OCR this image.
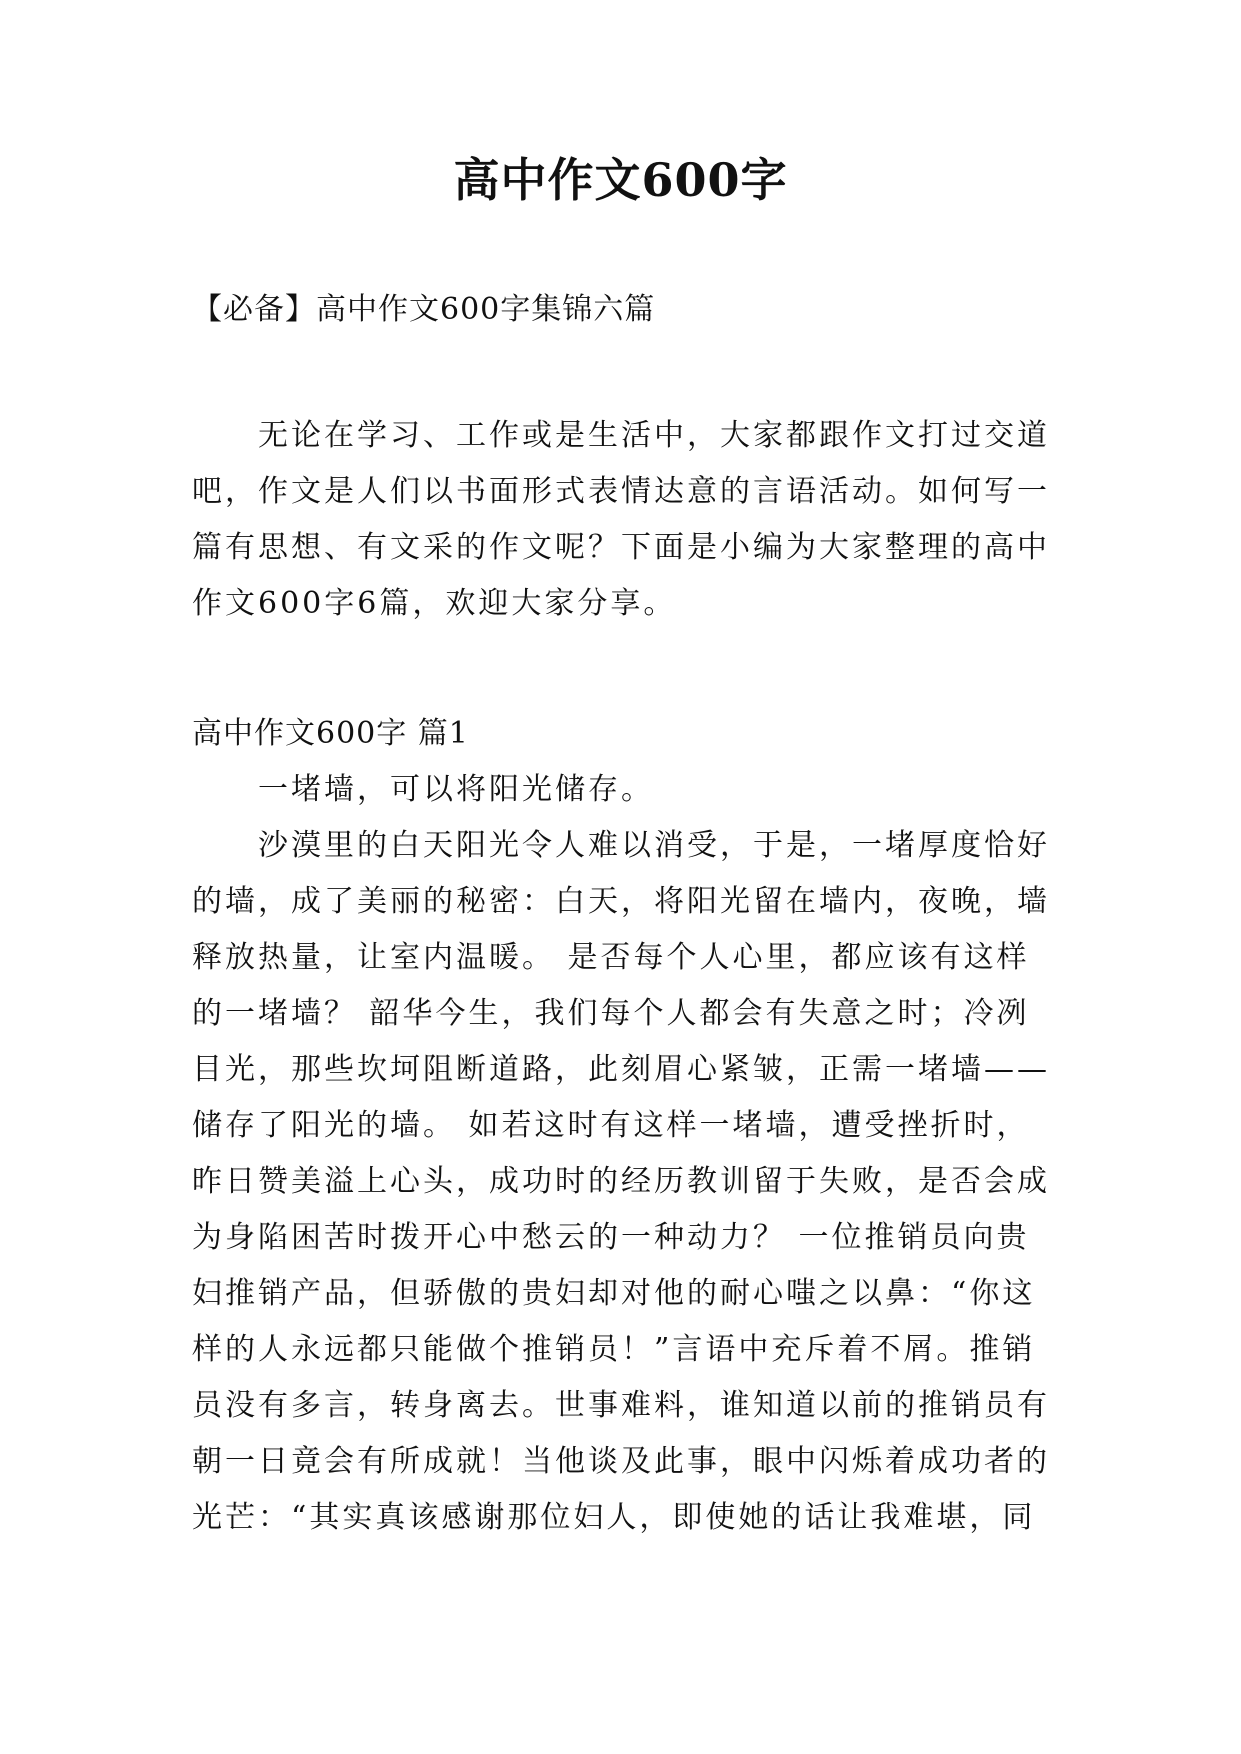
高中作文600字
【必备】高中作文600字集锦六篇
无论在学习、工作或是生活中，大家都跟作文打过交道
吧，作文是人们以书面形式表情达意的言语活动。如何写一
篇有思想、有文采的作文呢？下面是小编为大家整理的高中
作文600字6篇，欢迎大家分享。
高中作文600字 篇1
一堵墙，可以将阳光储存。
沙漠里的白天阳光令人难以消受，于是，一堵厚度恰好
的墙，成了美丽的秘密：白天，将阳光留在墙内，夜晚，墙
释放热量，让室内温暖。 是否每个人心里，都应该有这样
的一堵墙？ 韶华今生，我们每个人都会有失意之时；冷冽
目光，那些坎坷阻断道路，此刻眉心紧皱，正需一堵墙——
储存了阳光的墙。 如若这时有这样一堵墙，遭受挫折时，
昨日赞美溢上心头，成功时的经历教训留于失败，是否会成
为身陷困苦时拨开心中愁云的一种动力？ 一位推销员向贵
妇推销产品，但骄傲的贵妇却对他的耐心嗤之以鼻：“你这
样的人永远都只能做个推销员！”言语中充斥着不屑。推销
员没有多言，转身离去。世事难料，谁知道以前的推销员有
朝一日竟会有所成就！当他谈及此事，眼中闪烁着成功者的
光芒：“其实真该感谢那位妇人，即使她的话让我难堪，同
